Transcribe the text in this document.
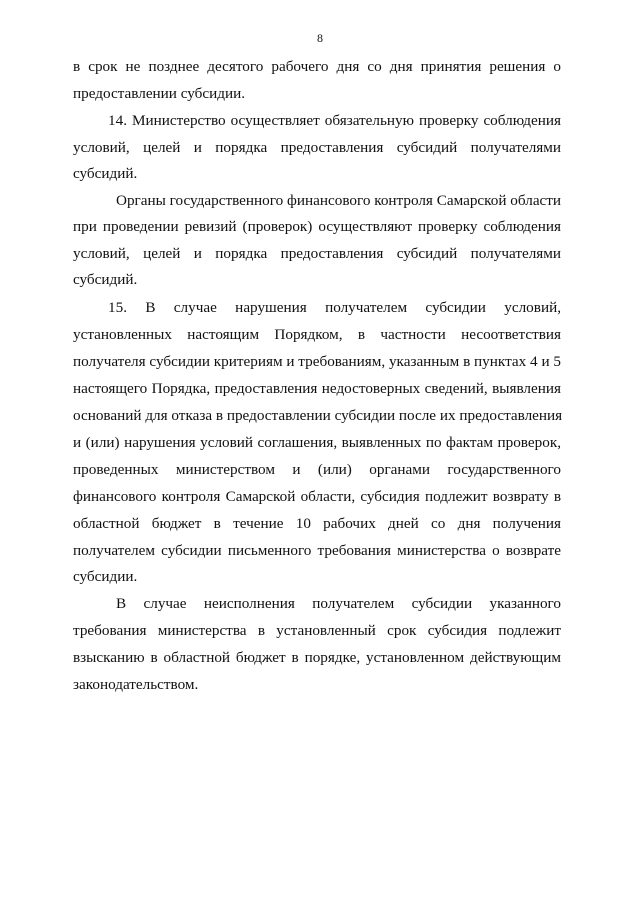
8
в срок не позднее десятого рабочего дня со дня принятия решения о
предоставлении субсидии.
14. Министерство осуществляет обязательную проверку соблюдения
условий, целей и порядка предоставления субсидий получателями
субсидий.
Органы государственного финансового контроля Самарской области
при проведении ревизий (проверок) осуществляют проверку соблюдения
условий, целей и порядка предоставления субсидий получателями
субсидий.
15. В случае нарушения получателем субсидии условий,
установленных настоящим Порядком, в частности несоответствия
получателя субсидии критериям и требованиям, указанным в пунктах 4 и 5
настоящего Порядка, предоставления недостоверных сведений, выявления
оснований для отказа в предоставлении субсидии после их предоставления
и (или) нарушения условий соглашения, выявленных по фактам проверок,
проведенных министерством и (или) органами государственного
финансового контроля Самарской области, субсидия подлежит возврату в
областной бюджет в течение 10 рабочих дней со дня получения
получателем субсидии письменного требования министерства о возврате
субсидии.
В случае неисполнения получателем субсидии указанного
требования министерства в установленный срок субсидия подлежит
взысканию в областной бюджет в порядке, установленном действующим
законодательством.
